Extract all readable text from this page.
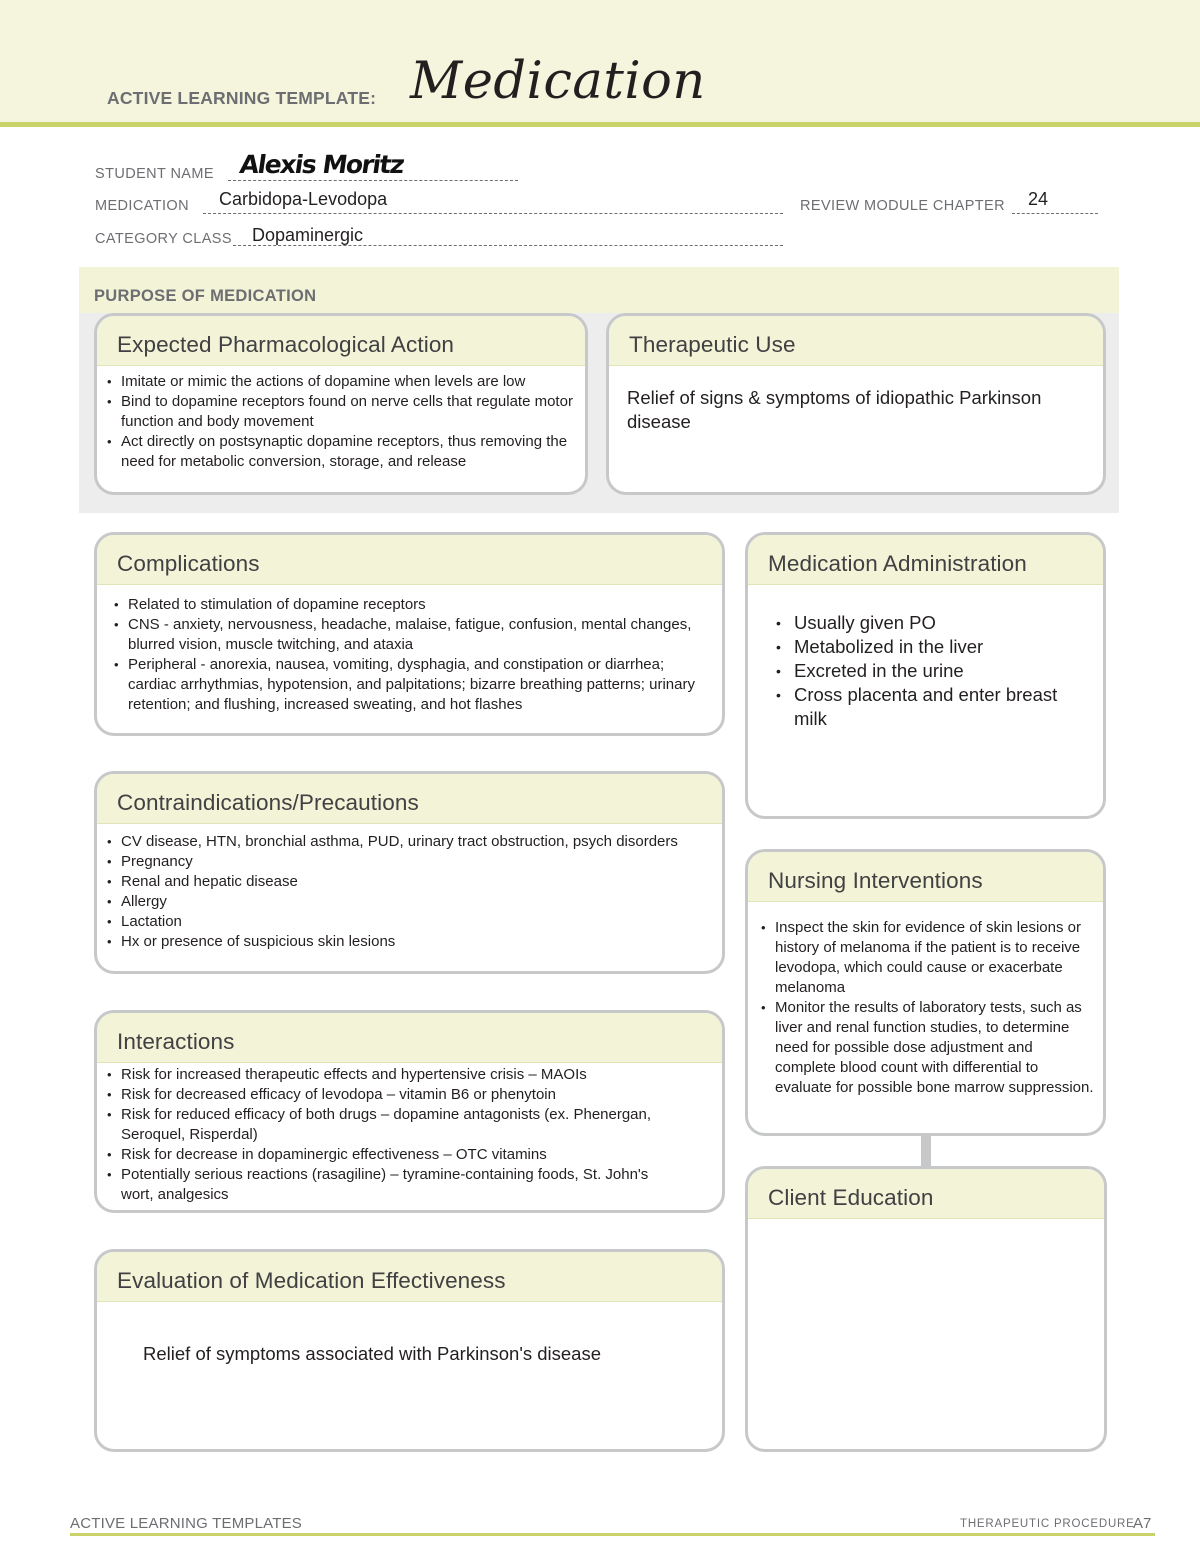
ACTIVE LEARNING TEMPLATE: Medication
STUDENT NAME Alexis Moritz
MEDICATION Carbidopa-Levodopa	REVIEW MODULE CHAPTER 24
CATEGORY CLASS Dopaminergic
PURPOSE OF MEDICATION
Expected Pharmacological Action
• Imitate or mimic the actions of dopamine when levels are low
• Bind to dopamine receptors found on nerve cells that regulate motor function and body movement
• Act directly on postsynaptic dopamine receptors, thus removing the need for metabolic conversion, storage, and release
Therapeutic Use
Relief of signs & symptoms of idiopathic Parkinson disease
Complications
• Related to stimulation of dopamine receptors
• CNS - anxiety, nervousness, headache, malaise, fatigue, confusion, mental changes, blurred vision, muscle twitching, and ataxia
• Peripheral - anorexia, nausea, vomiting, dysphagia, and constipation or diarrhea; cardiac arrhythmias, hypotension, and palpitations; bizarre breathing patterns; urinary retention; and flushing, increased sweating, and hot flashes
Medication Administration
• Usually given PO
• Metabolized in the liver
• Excreted in the urine
• Cross placenta and enter breast milk
Contraindications/Precautions
• CV disease, HTN, bronchial asthma, PUD, urinary tract obstruction, psych disorders
• Pregnancy
• Renal and hepatic disease
• Allergy
• Lactation
• Hx or presence of suspicious skin lesions
Nursing Interventions
• Inspect the skin for evidence of skin lesions or history of melanoma if the patient is to receive levodopa, which could cause or exacerbate melanoma
• Monitor the results of laboratory tests, such as liver and renal function studies, to determine need for possible dose adjustment and complete blood count with differential to evaluate for possible bone marrow suppression.
Interactions
• Risk for increased therapeutic effects and hypertensive crisis – MAOIs
• Risk for decreased efficacy of levodopa – vitamin B6 or phenytoin
• Risk for reduced efficacy of both drugs – dopamine antagonists (ex. Phenergan, Seroquel, Risperdal)
• Risk for decrease in dopaminergic effectiveness – OTC vitamins
• Potentially serious reactions (rasagiline) – tyramine-containing foods, St. John's wort, analgesics	Client Education
Evaluation of Medication Effectiveness
Relief of symptoms associated with Parkinson's disease
ACTIVE LEARNING TEMPLATES	THERAPEUTIC PROCEDURE
A7
